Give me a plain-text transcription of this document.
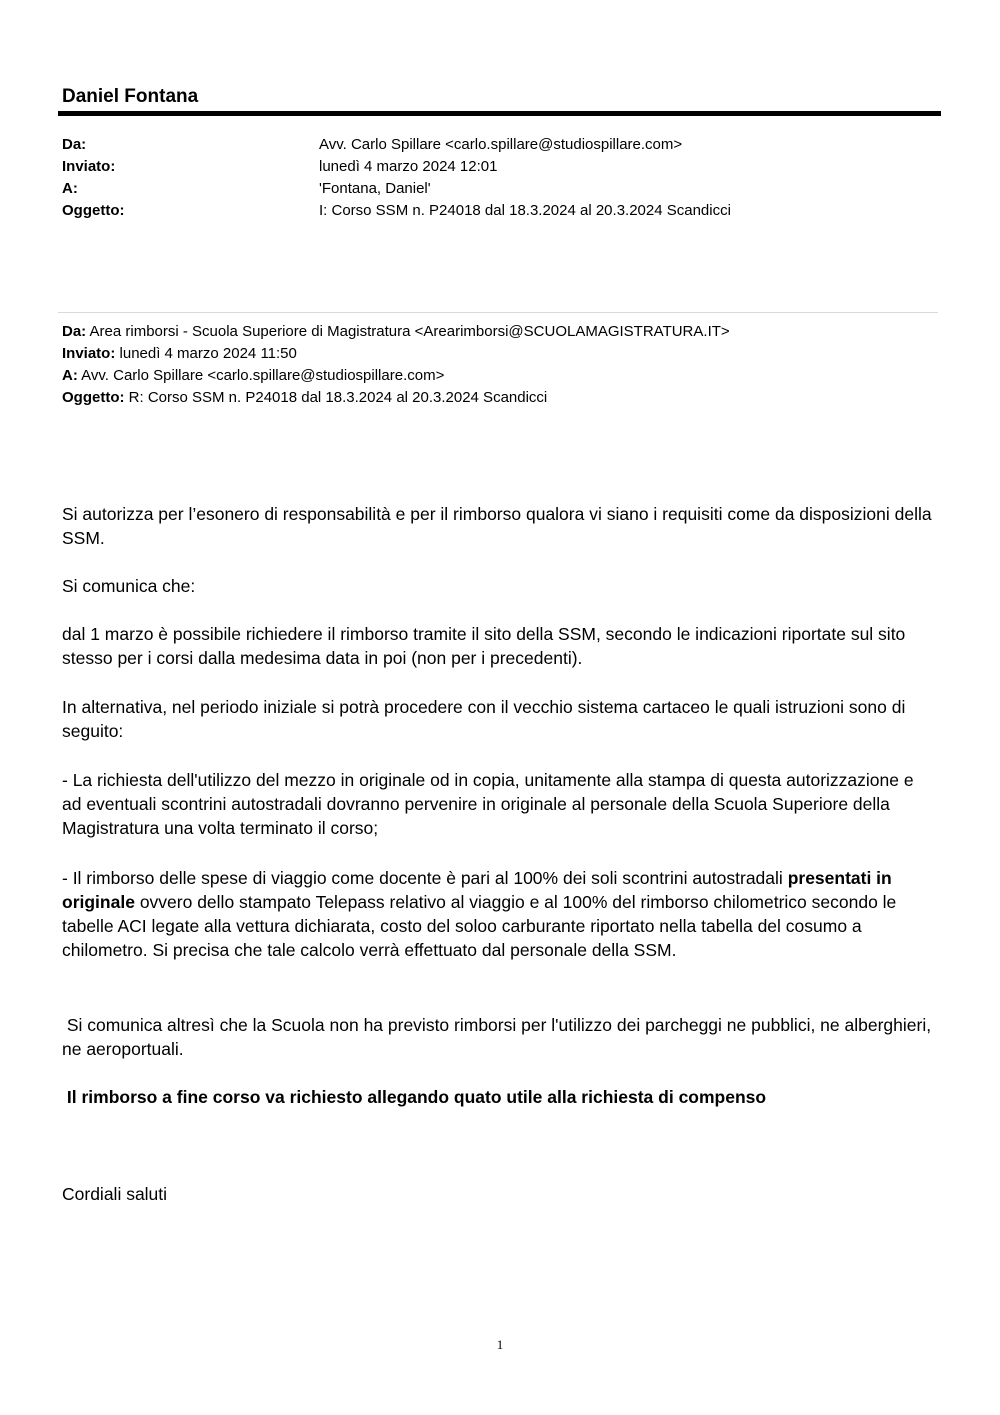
Daniel Fontana
Da:	Avv. Carlo Spillare <carlo.spillare@studiospillare.com>
Inviato:	lunedì 4 marzo 2024 12:01
A:	'Fontana, Daniel'
Oggetto:	I: Corso SSM n. P24018 dal 18.3.2024 al 20.3.2024 Scandicci
Da: Area rimborsi - Scuola Superiore di Magistratura <Arearimborsi@SCUOLAMAGISTRATURA.IT>
Inviato: lunedì 4 marzo 2024 11:50
A: Avv. Carlo Spillare <carlo.spillare@studiospillare.com>
Oggetto: R: Corso SSM n. P24018 dal 18.3.2024 al 20.3.2024 Scandicci

Si autorizza per l’esonero di responsabilità e per il rimborso qualora vi siano i requisiti come da disposizioni della SSM.

Si comunica che:

dal 1 marzo è possibile richiedere il rimborso tramite il sito della SSM, secondo le indicazioni riportate sul sito stesso per i corsi dalla medesima data in poi (non per i precedenti).

In alternativa, nel periodo iniziale si potrà procedere con il vecchio sistema cartaceo le quali istruzioni sono di seguito:

- La richiesta dell'utilizzo del mezzo in originale od in copia, unitamente alla stampa di questa autorizzazione e ad eventuali scontrini autostradali dovranno pervenire in originale al personale della Scuola Superiore della Magistratura una volta terminato il corso;

- Il rimborso delle spese di viaggio come docente è pari al 100% dei soli scontrini autostradali presentati in originale ovvero dello stampato Telepass relativo al viaggio e al 100% del rimborso chilometrico secondo le tabelle ACI legate alla vettura dichiarata, costo del soloo carburante riportato nella tabella del cosumo a chilometro. Si precisa che tale calcolo verrà effettuato dal personale della SSM.

Si comunica altresì che la Scuola non ha previsto rimborsi per l'utilizzo dei parcheggi ne pubblici, ne alberghieri, ne aeroportuali.

Il rimborso a fine corso va richiesto allegando quato utile alla richiesta di compenso

Cordiali saluti

1
